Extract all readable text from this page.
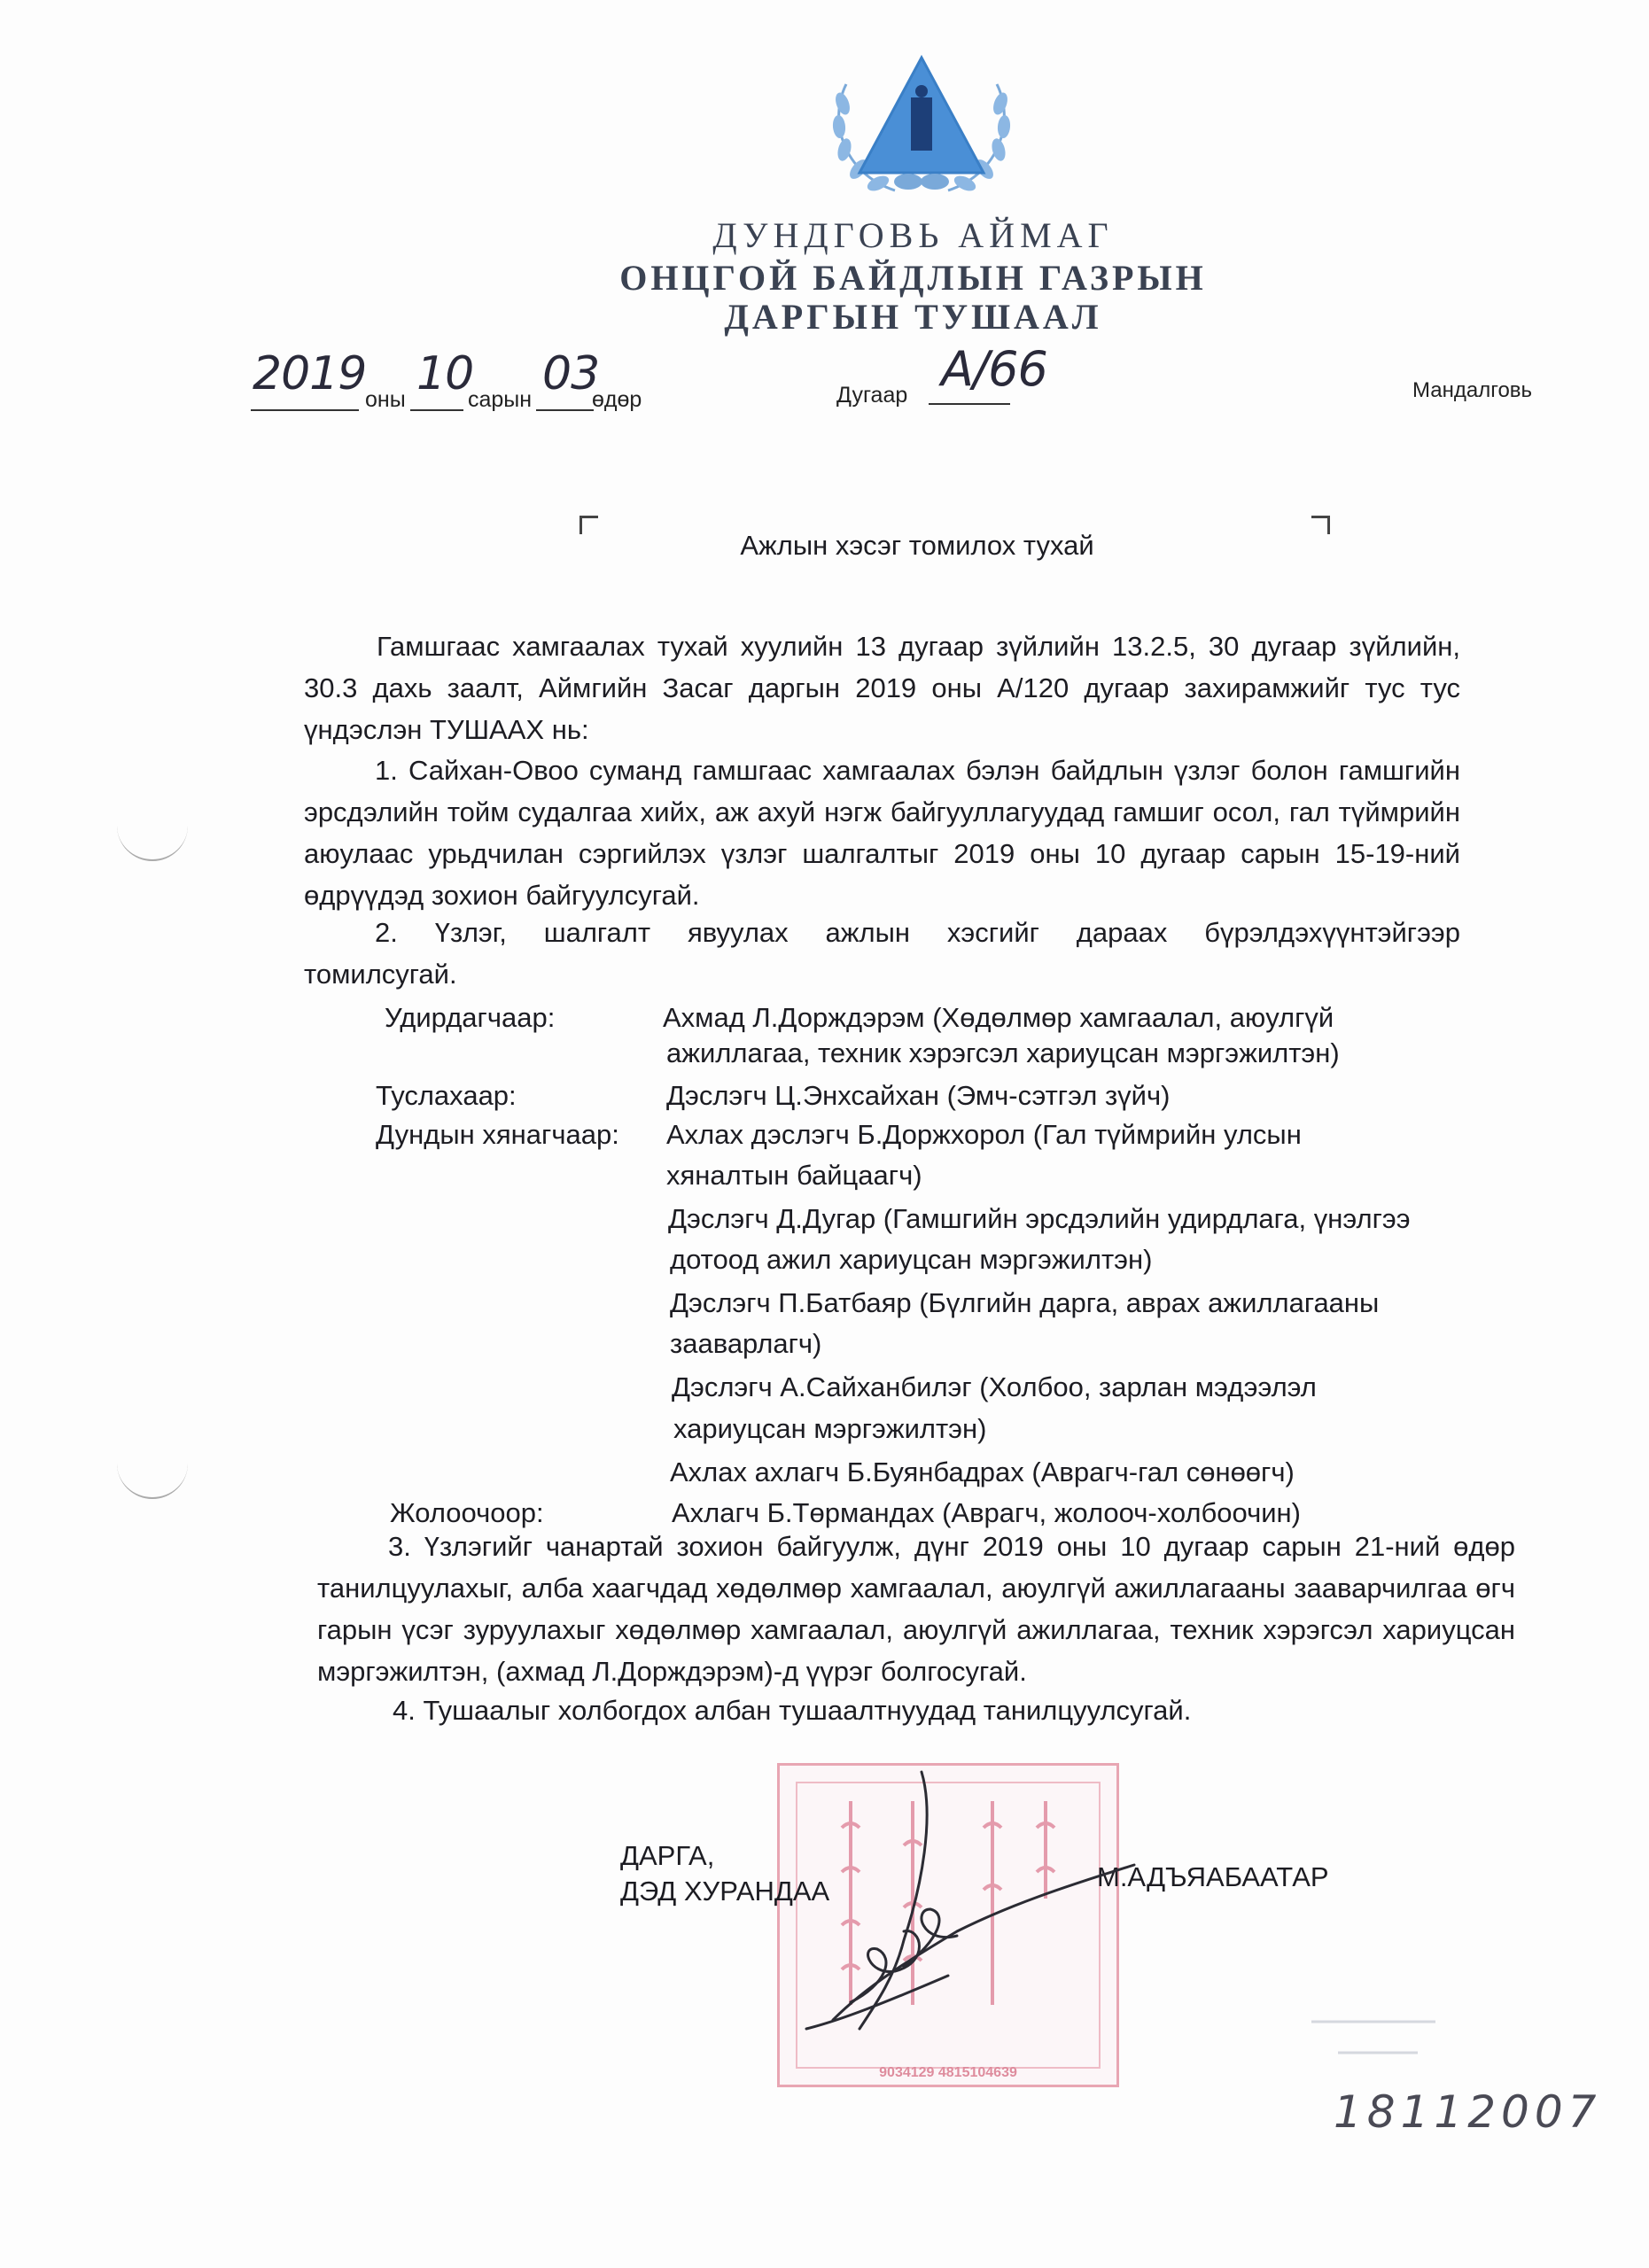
ДУНДГОВЬ АЙМАГ
ОНЦГОЙ БАЙДЛЫН ГАЗРЫН
ДАРГЫН ТУШААЛ
2019
оны 10
сарын 03
өдөр	Дугаар А/66	Мандалговь
Ажлын хэсэг томилох тухай
Гамшгаас хамгаалах тухай хуулийн 13 дугаар зүйлийн 13.2.5, 30 дугаар зүйлийн, 30.3 дахь заалт, Аймгийн Засаг даргын 2019 оны А/120 дугаар захирамжийг тус тус үндэслэн ТУШААХ нь:
1. Сайхан-Овоо суманд гамшгаас хамгаалах бэлэн байдлын үзлэг болон гамшгийн эрсдэлийн тойм судалгаа хийх, аж ахуй нэгж байгууллагуудад гамшиг осол, гал түймрийн аюулаас урьдчилан сэргийлэх үзлэг шалгалтыг 2019 оны 10 дугаар сарын 15-19-ний өдрүүдэд зохион байгуулсугай.
2. Үзлэг, шалгалт явуулах ажлын хэсгийг дараах бүрэлдэхүүнтэйгээр томилсугай.
Удирдагчаар:	Ахмад Л.Дорждэрэм (Хөдөлмөр хамгаалал, аюулгүй
ажиллагаа, техник хэрэгсэл хариуцсан мэргэжилтэн)
Туслахаар:	Дэслэгч Ц.Энхсайхан (Эмч-сэтгэл зүйч)
Дундын хянагчаар: Ахлах дэслэгч Б.Доржхорол (Гал түймрийн улсын
хяналтын байцаагч)
Дэслэгч Д.Дугар (Гамшгийн эрсдэлийн удирдлага, үнэлгээ
дотоод ажил хариуцсан мэргэжилтэн)
Дэслэгч П.Батбаяр (Бүлгийн дарга, аврах ажиллагааны
зааварлагч)
Дэслэгч А.Сайханбилэг (Холбоо, зарлан мэдээлэл
хариуцсан мэргэжилтэн)
Ахлах ахлагч Б.Буянбадрах (Аврагч-гал сөнөөгч)
Жолоочоор:	Ахлагч Б.Төрмандах (Аврагч, жолооч-холбоочин)
3. Үзлэгийг чанартай зохион байгуулж, дүнг 2019 оны 10 дугаар сарын 21-ний өдөр танилцуулахыг, алба хаагчдад хөдөлмөр хамгаалал, аюулгүй ажиллагааны зааварчилгаа өгч гарын үсэг зуруулахыг хөдөлмөр хамгаалал, аюулгүй ажиллагаа, техник хэрэгсэл хариуцсан мэргэжилтэн, (ахмад Л.Дорждэрэм)-д үүрэг болгосугай.
4. Тушаалыг холбогдох албан тушаалтнуудад танилцуулсугай.
9034129 4815104639
ДАРГА,
ДЭД ХУРАНДАА	М.АДЪЯАБААТАР
18112007
